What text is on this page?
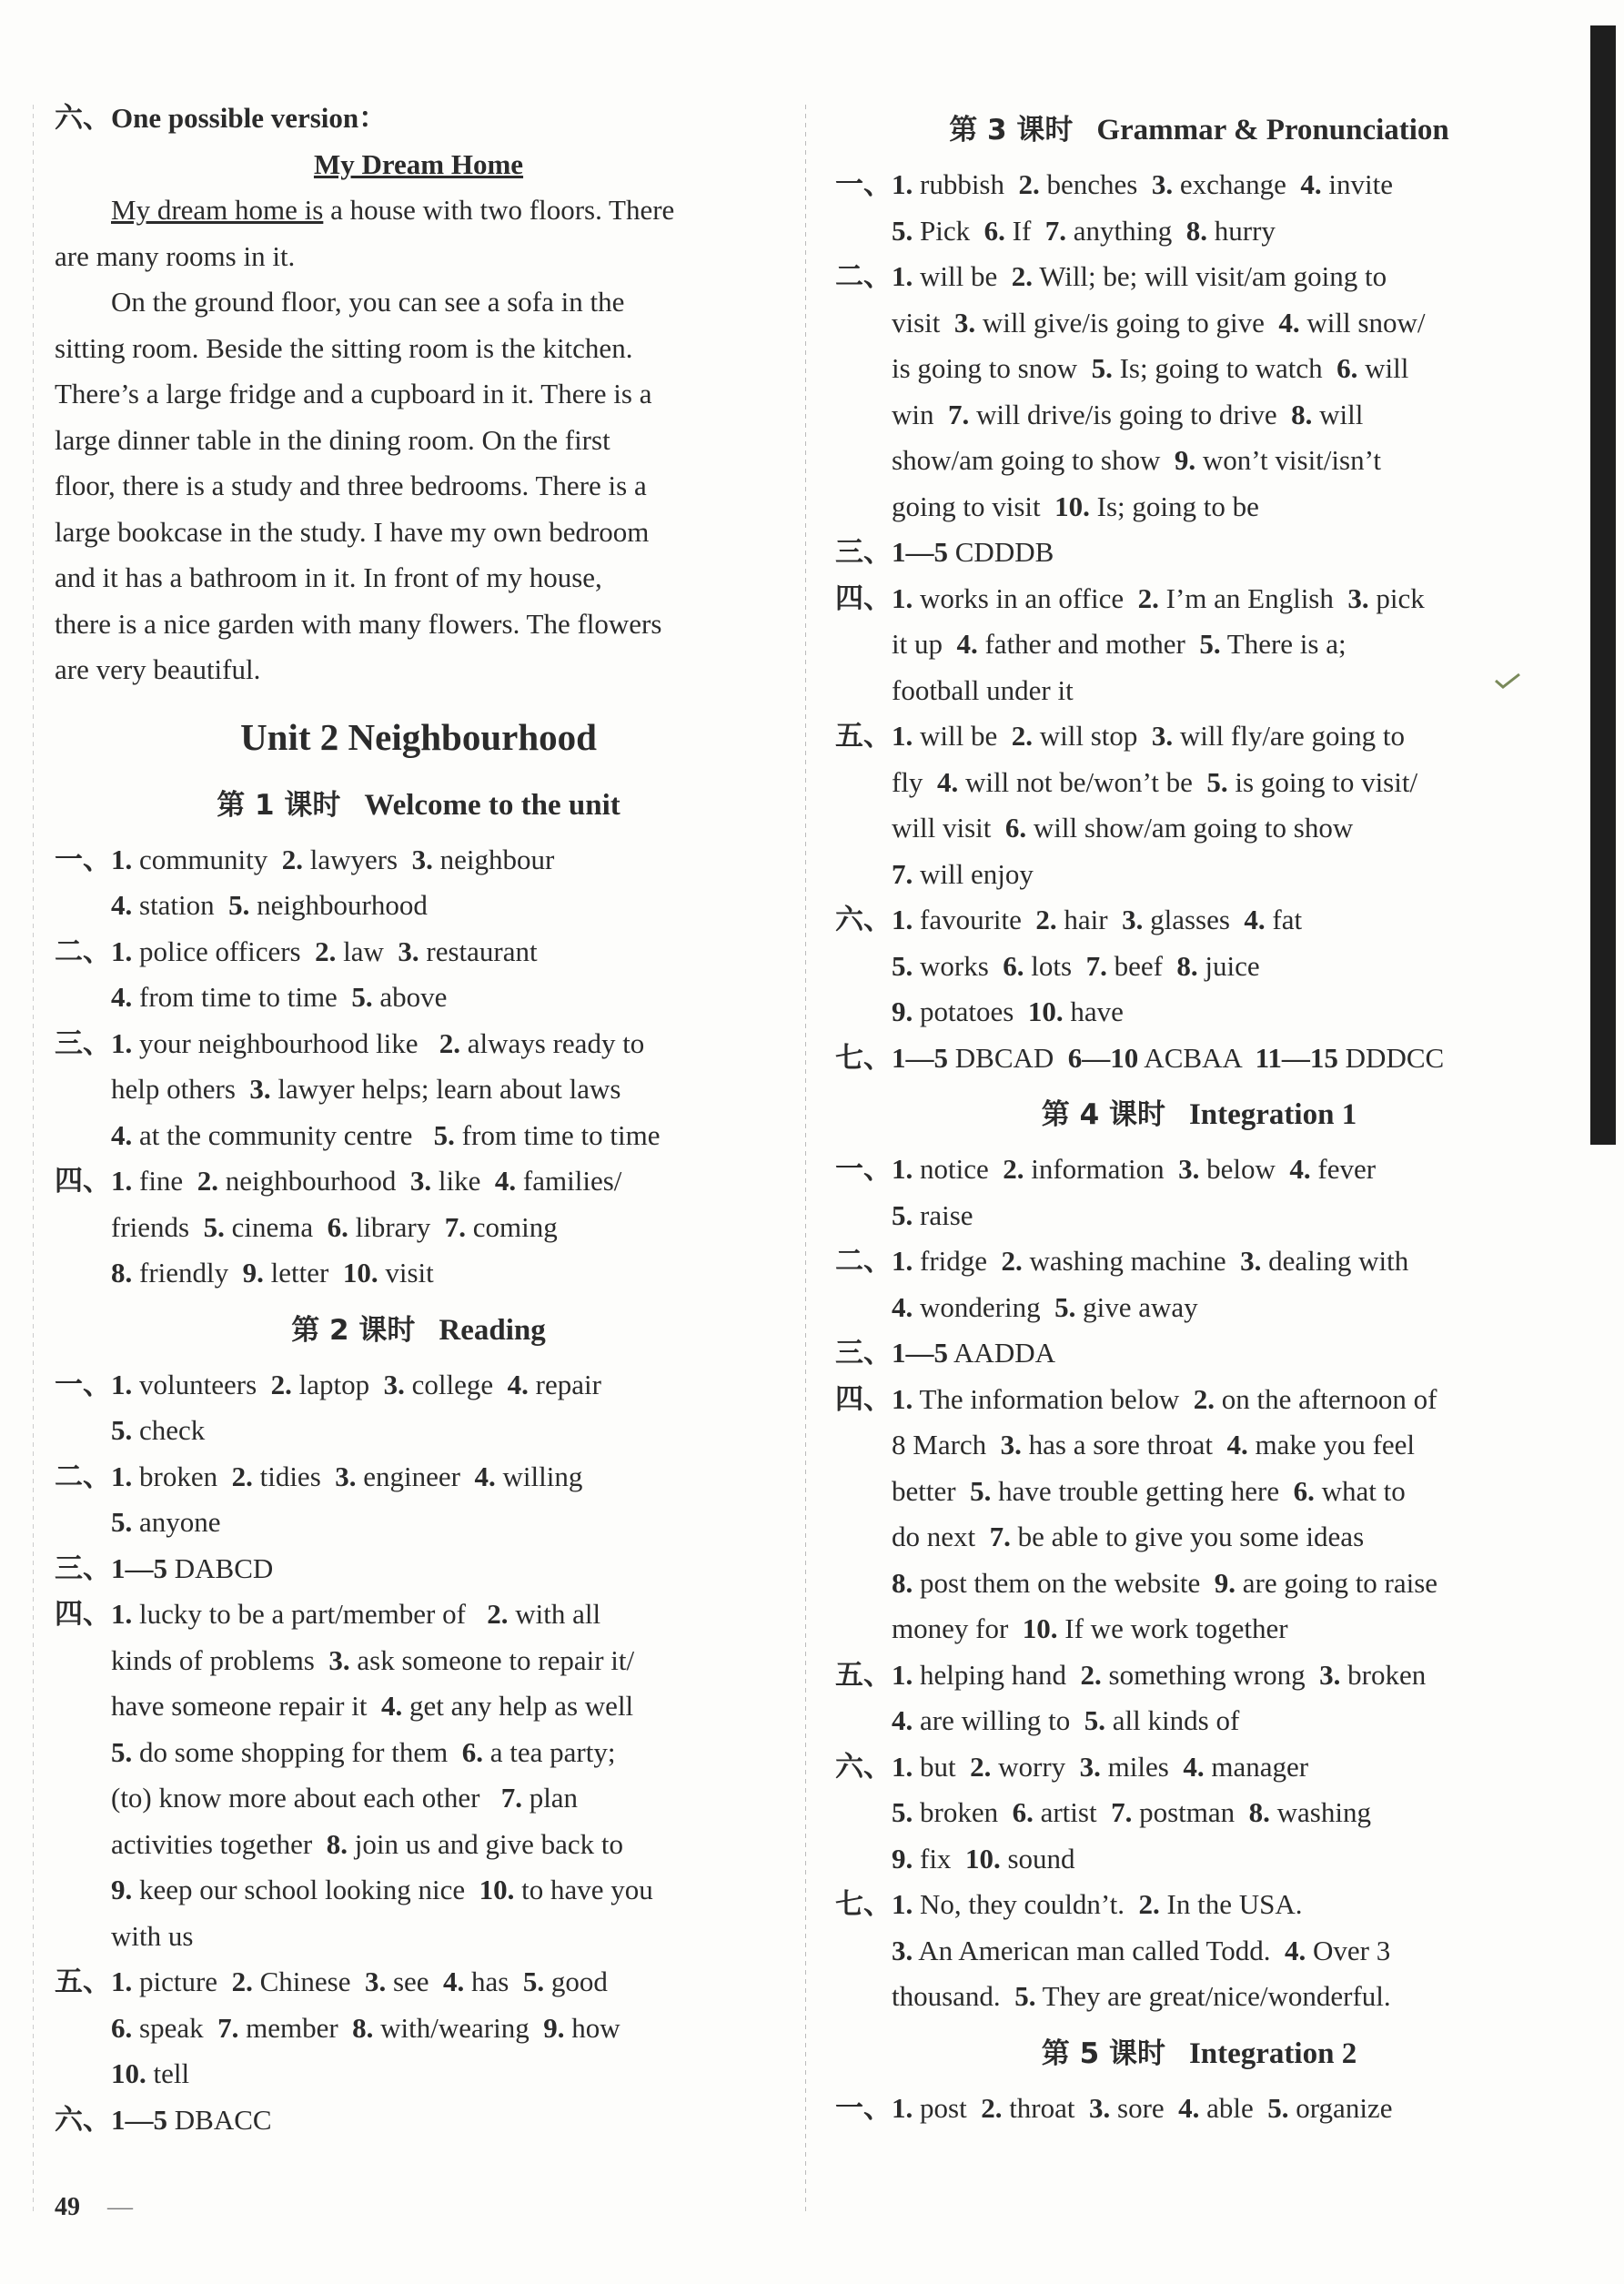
六、One possible version：
My Dream Home
My dream home is a house with two floors. There
are many rooms in it.
On the ground floor, you can see a sofa in the
sitting room. Beside the sitting room is the kitchen.
There’s a large fridge and a cupboard in it. There is a
large dinner table in the dining room. On the first
floor, there is a study and three bedrooms. There is a
large bookcase in the study. I have my own bedroom
and it has a bathroom in it. In front of my house,
there is a nice garden with many flowers. The flowers
are very beautiful.
Unit 2 Neighbourhood
第 1 课时 Welcome to the unit
一、1. community  2. lawyers  3. neighbour
4. station  5. neighbourhood
二、1. police officers  2. law  3. restaurant
4. from time to time  5. above
三、1. your neighbourhood like   2. always ready to
help others  3. lawyer helps; learn about laws
4. at the community centre   5. from time to time
四、1. fine  2. neighbourhood  3. like  4. families/
friends  5. cinema  6. library  7. coming
8. friendly  9. letter  10. visit
第 2 课时 Reading
一、1. volunteers  2. laptop  3. college  4. repair
5. check
二、1. broken  2. tidies  3. engineer  4. willing
5. anyone
三、1—5 DABCD
四、1. lucky to be a part/member of   2. with all
kinds of problems  3. ask someone to repair it/
have someone repair it  4. get any help as well
5. do some shopping for them  6. a tea party;
(to) know more about each other   7. plan
activities together  8. join us and give back to
9. keep our school looking nice  10. to have you
with us
五、1. picture  2. Chinese  3. see  4. has  5. good
6. speak  7. member  8. with/wearing  9. how
10. tell
六、1—5 DBACC
第 3 课时 Grammar & Pronunciation
一、1. rubbish  2. benches  3. exchange  4. invite
5. Pick  6. If  7. anything  8. hurry
二、1. will be  2. Will; be; will visit/am going to
visit  3. will give/is going to give  4. will snow/
is going to snow  5. Is; going to watch  6. will
win  7. will drive/is going to drive  8. will
show/am going to show  9. won’t visit/isn’t
going to visit  10. Is; going to be
三、1—5 CDDDB
四、1. works in an office  2. I’m an English  3. pick
it up  4. father and mother  5. There is a;
football under it
五、1. will be  2. will stop  3. will fly/are going to
fly  4. will not be/won’t be  5. is going to visit/
will visit  6. will show/am going to show
7. will enjoy
六、1. favourite  2. hair  3. glasses  4. fat
5. works  6. lots  7. beef  8. juice
9. potatoes  10. have
七、1—5 DBCAD  6—10 ACBAA  11—15 DDDCC
第 4 课时 Integration 1
一、1. notice  2. information  3. below  4. fever
5. raise
二、1. fridge  2. washing machine  3. dealing with
4. wondering  5. give away
三、1—5 AADDA
四、1. The information below  2. on the afternoon of
8 March  3. has a sore throat  4. make you feel
better  5. have trouble getting here  6. what to
do next  7. be able to give you some ideas
8. post them on the website  9. are going to raise
money for  10. If we work together
五、1. helping hand  2. something wrong  3. broken
4. are willing to  5. all kinds of
六、1. but  2. worry  3. miles  4. manager
5. broken  6. artist  7. postman  8. washing
9. fix  10. sound
七、1. No, they couldn’t.  2. In the USA.
3. An American man called Todd.  4. Over 3
thousand.  5. They are great/nice/wonderful.
第 5 课时 Integration 2
一、1. post  2. throat  3. sore  4. able  5. organize
49 —
